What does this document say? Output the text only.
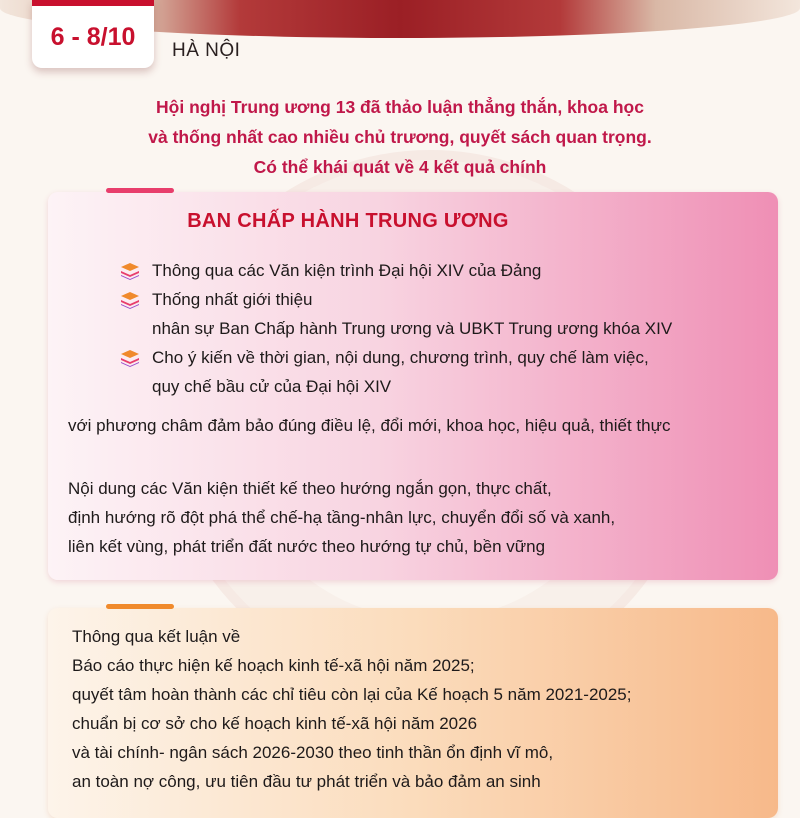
6 - 8/10 HÀ NỘI
Hội nghị Trung ương 13 đã thảo luận thẳng thắn, khoa học
và thống nhất cao nhiều chủ trương, quyết sách quan trọng.
Có thể khái quát về 4 kết quả chính
BAN CHẤP HÀNH TRUNG ƯƠNG
Thông qua các Văn kiện trình Đại hội XIV của Đảng
Thống nhất giới thiệu
nhân sự Ban Chấp hành Trung ương và UBKT Trung ương khóa XIV
Cho ý kiến về thời gian, nội dung, chương trình, quy chế làm việc,
quy chế bầu cử của Đại hội XIV
với phương châm đảm bảo đúng điều lệ, đổi mới, khoa học, hiệu quả, thiết thực
Nội dung các Văn kiện thiết kế theo hướng ngắn gọn, thực chất,
định hướng rõ đột phá thể chế-hạ tầng-nhân lực, chuyển đổi số và xanh,
liên kết vùng, phát triển đất nước theo hướng tự chủ, bền vững
Thông qua kết luận về
Báo cáo thực hiện kế hoạch kinh tế-xã hội năm 2025;
quyết tâm hoàn thành các chỉ tiêu còn lại của Kế hoạch 5 năm 2021-2025;
chuẩn bị cơ sở cho kế hoạch kinh tế-xã hội năm 2026
và tài chính- ngân sách 2026-2030 theo tinh thần ổn định vĩ mô,
an toàn nợ công, ưu tiên đầu tư phát triển và bảo đảm an sinh
